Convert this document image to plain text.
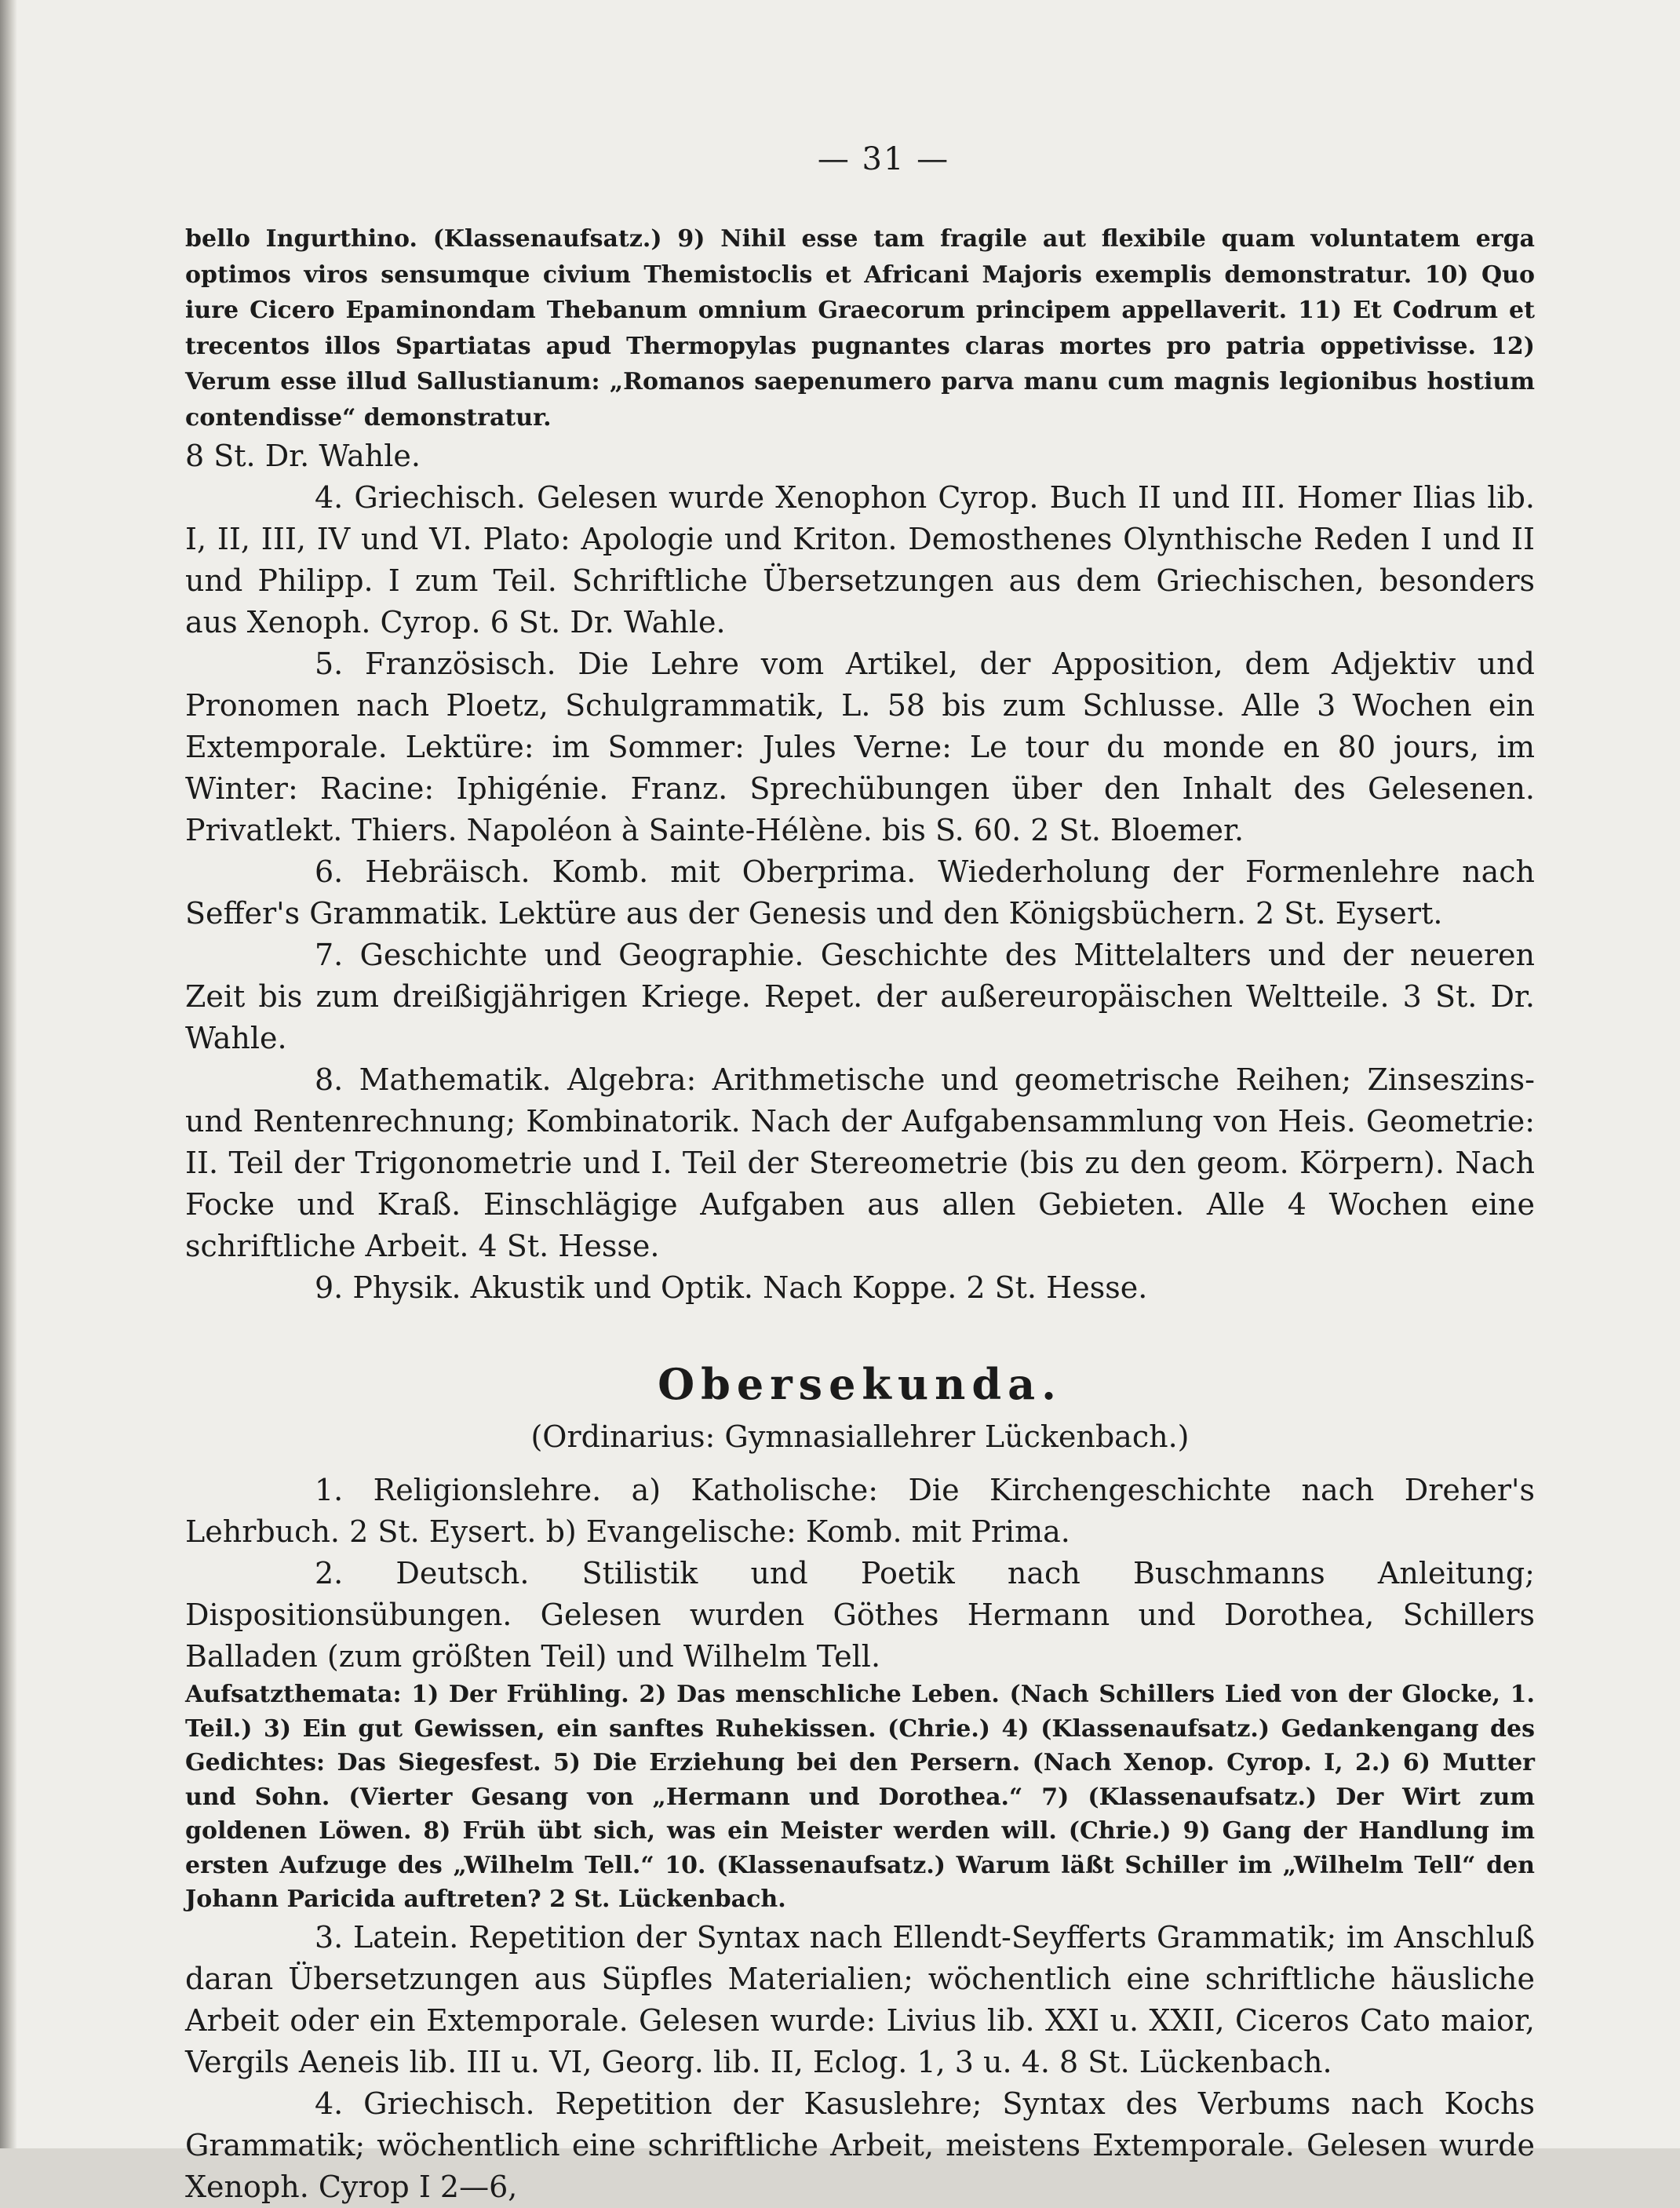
— 31 —

bello Ingurthino. (Klassenaufsatz.) 9) Nihil esse tam fragile aut flexibile quam voluntatem erga optimos viros sensumque civium Themistoclis et Africani Majoris exemplis demonstratur. 10) Quo iure Cicero Epaminondam Thebanum omnium Graecorum principem appellaverit. 11) Et Codrum et trecentos illos Spartiatas apud Thermopylas pugnantes claras mortes pro patria oppetivisse. 12) Verum esse illud Sallustianum: „Romanos saepenumero parva manu cum magnis legionibus hostium contendisse“ demonstratur.

8 St. Dr. Wahle.

4. Griechisch. Gelesen wurde Xenophon Cyrop. Buch II und III. Homer Ilias lib. I, II, III, IV und VI. Plato: Apologie und Kriton. Demosthenes Olynthische Reden I und II und Philipp. I zum Teil. Schriftliche Übersetzungen aus dem Griechischen, besonders aus Xenoph. Cyrop. 6 St. Dr. Wahle.

5. Französisch. Die Lehre vom Artikel, der Apposition, dem Adjektiv und Pronomen nach Ploetz, Schulgrammatik, L. 58 bis zum Schlusse. Alle 3 Wochen ein Extemporale. Lektüre: im Sommer: Jules Verne: Le tour du monde en 80 jours, im Winter: Racine: Iphigénie. Franz. Sprechübungen über den Inhalt des Gelesenen. Privatlekt. Thiers. Napoléon à Sainte-Hélène. bis S. 60. 2 St. Bloemer.

6. Hebräisch. Komb. mit Oberprima. Wiederholung der Formenlehre nach Seffer's Grammatik. Lektüre aus der Genesis und den Königsbüchern. 2 St. Eysert.

7. Geschichte und Geographie. Geschichte des Mittelalters und der neueren Zeit bis zum dreißigjährigen Kriege. Repet. der außereuropäischen Weltteile. 3 St. Dr. Wahle.

8. Mathematik. Algebra: Arithmetische und geometrische Reihen; Zinseszins- und Rentenrechnung; Kombinatorik. Nach der Aufgabensammlung von Heis. Geometrie: II. Teil der Trigonometrie und I. Teil der Stereometrie (bis zu den geom. Körpern). Nach Focke und Kraß. Einschlägige Aufgaben aus allen Gebieten. Alle 4 Wochen eine schriftliche Arbeit. 4 St. Hesse.

9. Physik. Akustik und Optik. Nach Koppe. 2 St. Hesse.

Obersekunda.
(Ordinarius: Gymnasiallehrer Lückenbach.)

1. Religionslehre. a) Katholische: Die Kirchengeschichte nach Dreher's Lehrbuch. 2 St. Eysert. b) Evangelische: Komb. mit Prima.

2. Deutsch. Stilistik und Poetik nach Buschmanns Anleitung; Dispositionsübungen. Gelesen wurden Göthes Hermann und Dorothea, Schillers Balladen (zum größten Teil) und Wilhelm Tell.

Aufsatzthemata: 1) Der Frühling. 2) Das menschliche Leben. (Nach Schillers Lied von der Glocke, 1. Teil.) 3) Ein gut Gewissen, ein sanftes Ruhekissen. (Chrie.) 4) (Klassenaufsatz.) Gedankengang des Gedichtes: Das Siegesfest. 5) Die Erziehung bei den Persern. (Nach Xenop. Cyrop. I, 2.) 6) Mutter und Sohn. (Vierter Gesang von „Hermann und Dorothea.“ 7) (Klassenaufsatz.) Der Wirt zum goldenen Löwen. 8) Früh übt sich, was ein Meister werden will. (Chrie.) 9) Gang der Handlung im ersten Aufzuge des „Wilhelm Tell.“ 10. (Klassenaufsatz.) Warum läßt Schiller im „Wilhelm Tell“ den Johann Paricida auftreten? 2 St. Lückenbach.

3. Latein. Repetition der Syntax nach Ellendt-Seyfferts Grammatik; im Anschluß daran Übersetzungen aus Süpfles Materialien; wöchentlich eine schriftliche häusliche Arbeit oder ein Extemporale. Gelesen wurde: Livius lib. XXI u. XXII, Ciceros Cato maior, Vergils Aeneis lib. III u. VI, Georg. lib. II, Eclog. 1, 3 u. 4. 8 St. Lückenbach.

4. Griechisch. Repetition der Kasuslehre; Syntax des Verbums nach Kochs Grammatik; wöchentlich eine schriftliche Arbeit, meistens Extemporale. Gelesen wurde Xenoph. Cyrop I 2—6,
